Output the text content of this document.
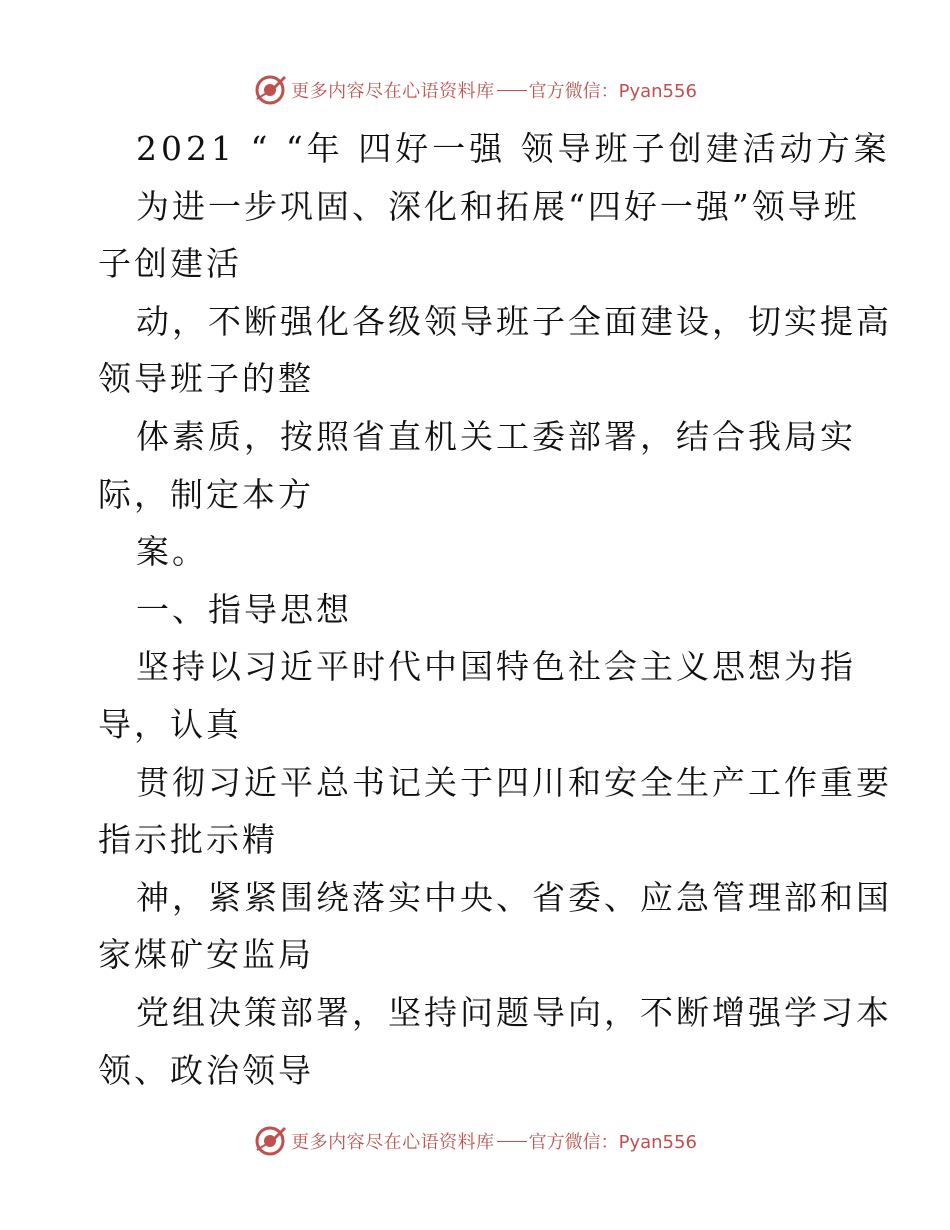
更多内容尽在心语资料库 官方微信：Pyan556
2021 “ “年 四好一强 领导班子创建活动方案
为进一步巩固、深化和拓展“四好一强”领导班
子创建活
动，不断强化各级领导班子全面建设，切实提高
领导班子的整
体素质，按照省直机关工委部署，结合我局实
际，制定本方
案。
一、指导思想
坚持以习近平时代中国特色社会主义思想为指
导，认真
贯彻习近平总书记关于四川和安全生产工作重要
指示批示精
神，紧紧围绕落实中央、省委、应急管理部和国
家煤矿安监局
党组决策部署，坚持问题导向，不断增强学习本
领、政治领导
更多内容尽在心语资料库 官方微信：Pyan556
